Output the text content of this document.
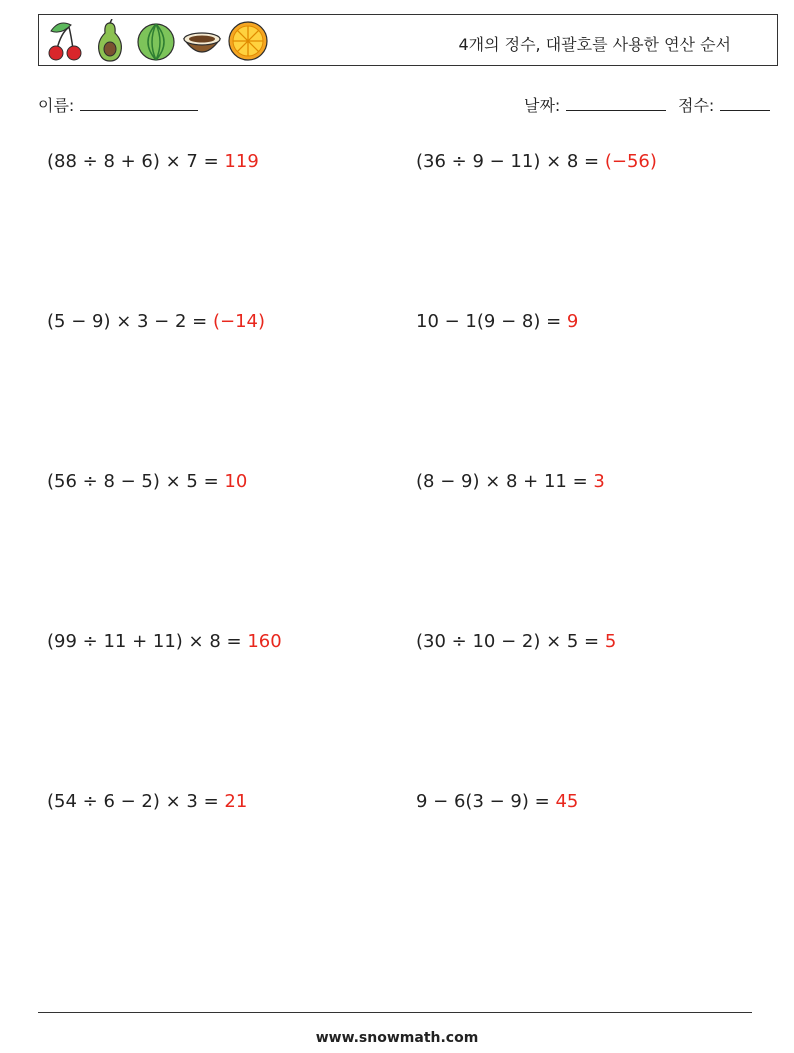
4개의 정수, 대괄호를 사용한 연산 순서
이름:	날짜:	점수:
(88 ÷ 8 + 6) × 7 = 119	(36 ÷ 9 − 11) × 8 = (−56)
(5 − 9) × 3 − 2 = (−14)	10 − 1(9 − 8) = 9
(56 ÷ 8 − 5) × 5 = 10	(8 − 9) × 8 + 11 = 3
(99 ÷ 11 + 11) × 8 = 160	(30 ÷ 10 − 2) × 5 = 5
(54 ÷ 6 − 2) × 3 = 21	9 − 6(3 − 9) = 45
www.snowmath.com
